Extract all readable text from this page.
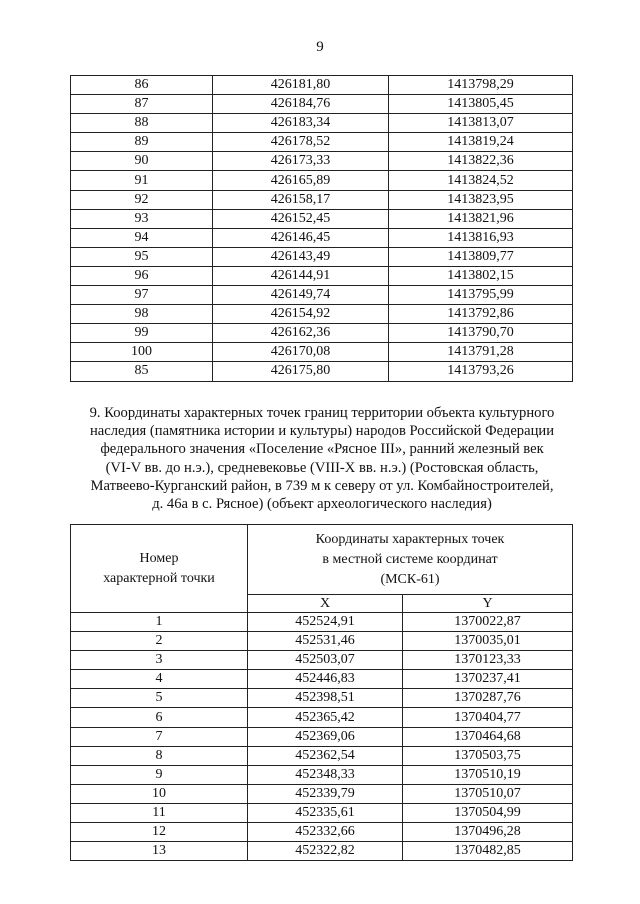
9
86	426181,80	1413798,29
87	426184,76	1413805,45
88	426183,34	1413813,07
89	426178,52	1413819,24
90	426173,33	1413822,36
91	426165,89	1413824,52
92	426158,17	1413823,95
93	426152,45	1413821,96
94	426146,45	1413816,93
95	426143,49	1413809,77
96	426144,91	1413802,15
97	426149,74	1413795,99
98	426154,92	1413792,86
99	426162,36	1413790,70
100	426170,08	1413791,28
85	426175,80	1413793,26
9. Координаты характерных точек границ территории объекта культурного
наследия (памятника истории и культуры) народов Российской Федерации
федерального значения «Поселение «Рясное III», ранний железный век
(VI-V вв. до н.э.), средневековье (VIII-X вв. н.э.) (Ростовская область,
Матвеево-Курганский район, в 739 м к северу от ул. Комбайностроителей,
д. 46а в с. Рясное) (объект археологического наследия)
Номер
характерной точки	Координаты характерных точек
в местной системе координат
(МСК-61)	
	X	Y
1	452524,91	1370022,87
2	452531,46	1370035,01
3	452503,07	1370123,33
4	452446,83	1370237,41
5	452398,51	1370287,76
6	452365,42	1370404,77
7	452369,06	1370464,68
8	452362,54	1370503,75
9	452348,33	1370510,19
10	452339,79	1370510,07
11	452335,61	1370504,99
12	452332,66	1370496,28
13	452322,82	1370482,85
